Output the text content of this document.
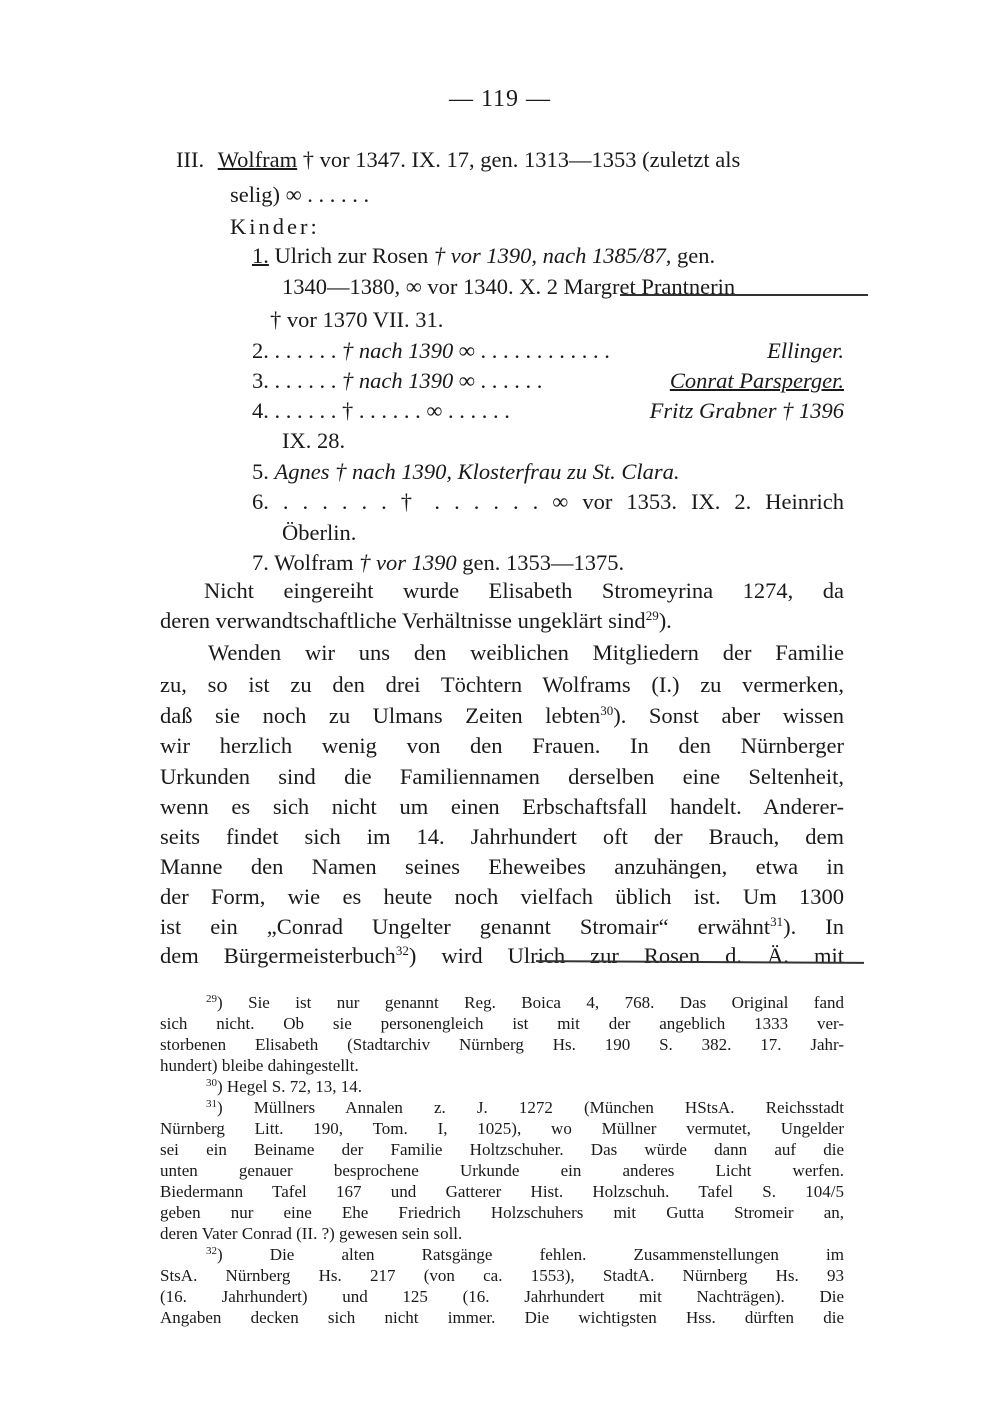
— 119 —
III. Wolfram † vor 1347. IX. 17, gen. 1313—1353 (zuletzt als
selig) ∞ . . . . . .
Kinder:
1. Ulrich zur Rosen † vor 1390, nach 1385/87, gen.
1340—1380, ∞ vor 1340. X. 2 Margret Prantnerin
† vor 1370 VII. 31.
2. . . . . . . † nach 1390 ∞ . . . . . . . . . . . .	Ellinger.
3. . . . . . . † nach 1390 ∞ . . . . . .	Conrat Parsperger.
4. . . . . . . † . . . . . . ∞ . . . . . .	Fritz Grabner † 1396
IX. 28.
5. Agnes † nach 1390, Klosterfrau zu St. Clara.
6. . . . . . . † . . . . . . ∞ vor 1353. IX. 2. Heinrich
Öberlin.
7. Wolfram † vor 1390 gen. 1353—1375.
Nicht eingereiht wurde Elisabeth Stromeyrina 1274, da
deren verwandtschaftliche Verhältnisse ungeklärt sind$^{29}$).
Wenden wir uns den weiblichen Mitgliedern der Familie
zu, so ist zu den drei Töchtern Wolframs (I.) zu vermerken,
daß sie noch zu Ulmans Zeiten lebten$^{30}$). Sonst aber wissen
wir herzlich wenig von den Frauen. In den Nürnberger
Urkunden sind die Familiennamen derselben eine Seltenheit,
wenn es sich nicht um einen Erbschaftsfall handelt. Anderer-
seits findet sich im 14. Jahrhundert oft der Brauch, dem
Manne den Namen seines Eheweibes anzuhängen, etwa in
der Form, wie es heute noch vielfach üblich ist. Um 1300
ist ein „Conrad Ungelter genannt Stromair“ erwähnt$^{31}$). In
dem Bürgermeisterbuch$^{32}$) wird Ulrich zur Rosen d. Ä. mit
$^{29}$) Sie ist nur genannt Reg. Boica 4, 768. Das Original fand
sich nicht. Ob sie personengleich ist mit der angeblich 1333 ver-
storbenen Elisabeth (Stadtarchiv Nürnberg Hs. 190 S. 382. 17. Jahr-
hundert) bleibe dahingestellt.
$^{30}$) Hegel S. 72, 13, 14.
$^{31}$) Müllners Annalen z. J. 1272 (München HStsA. Reichsstadt
Nürnberg Litt. 190, Tom. I, 1025), wo Müllner vermutet, Ungelder
sei ein Beiname der Familie Holtzschuher. Das würde dann auf die
unten genauer besprochene Urkunde ein anderes Licht werfen.
Biedermann Tafel 167 und Gatterer Hist. Holzschuh. Tafel S. 104/5
geben nur eine Ehe Friedrich Holzschuhers mit Gutta Stromeir an,
deren Vater Conrad (II. ?) gewesen sein soll.
$^{32}$) Die alten Ratsgänge fehlen. Zusammenstellungen im
StsA. Nürnberg Hs. 217 (von ca. 1553), StadtA. Nürnberg Hs. 93
(16. Jahrhundert) und 125 (16. Jahrhundert mit Nachträgen). Die
Angaben decken sich nicht immer. Die wichtigsten Hss. dürften die
